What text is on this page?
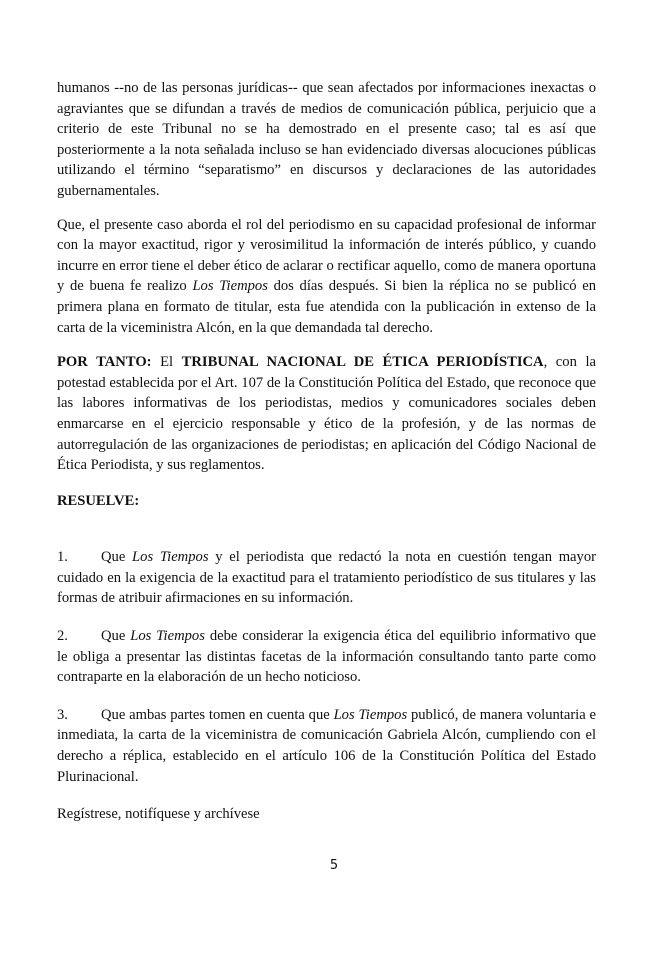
humanos --no de las personas jurídicas-- que sean afectados por informaciones inexactas o agraviantes que se difundan a través de medios de comunicación pública, perjuicio que a criterio de este Tribunal no se ha demostrado en el presente caso; tal es así que posteriormente a la nota señalada incluso se han evidenciado diversas alocuciones públicas utilizando el término “separatismo” en discursos y declaraciones de las autoridades gubernamentales.

Que, el presente caso aborda el rol del periodismo en su capacidad profesional de informar con la mayor exactitud, rigor y verosimilitud la información de interés público, y cuando incurre en error tiene el deber ético de aclarar o rectificar aquello, como de manera oportuna y de buena fe realizo Los Tiempos dos días después. Si bien la réplica no se publicó en primera plana en formato de titular, esta fue atendida con la publicación in extenso de la carta de la viceministra Alcón, en la que demandada tal derecho.

POR TANTO: El TRIBUNAL NACIONAL DE ÉTICA PERIODÍSTICA, con la potestad establecida por el Art. 107 de la Constitución Política del Estado, que reconoce que las labores informativas de los periodistas, medios y comunicadores sociales deben enmarcarse en el ejercicio responsable y ético de la profesión, y de las normas de autorregulación de las organizaciones de periodistas; en aplicación del Código Nacional de Ética Periodista, y sus reglamentos.

RESUELVE:

1. Que Los Tiempos y el periodista que redactó la nota en cuestión tengan mayor cuidado en la exigencia de la exactitud para el tratamiento periodístico de sus titulares y las formas de atribuir afirmaciones en su información.

2. Que Los Tiempos debe considerar la exigencia ética del equilibrio informativo que le obliga a presentar las distintas facetas de la información consultando tanto parte como contraparte en la elaboración de un hecho noticioso.

3. Que ambas partes tomen en cuenta que Los Tiempos publicó, de manera voluntaria e inmediata, la carta de la viceministra de comunicación Gabriela Alcón, cumpliendo con el derecho a réplica, establecido en el artículo 106 de la Constitución Política del Estado Plurinacional.

Regístrese, notifíquese y archívese

5
